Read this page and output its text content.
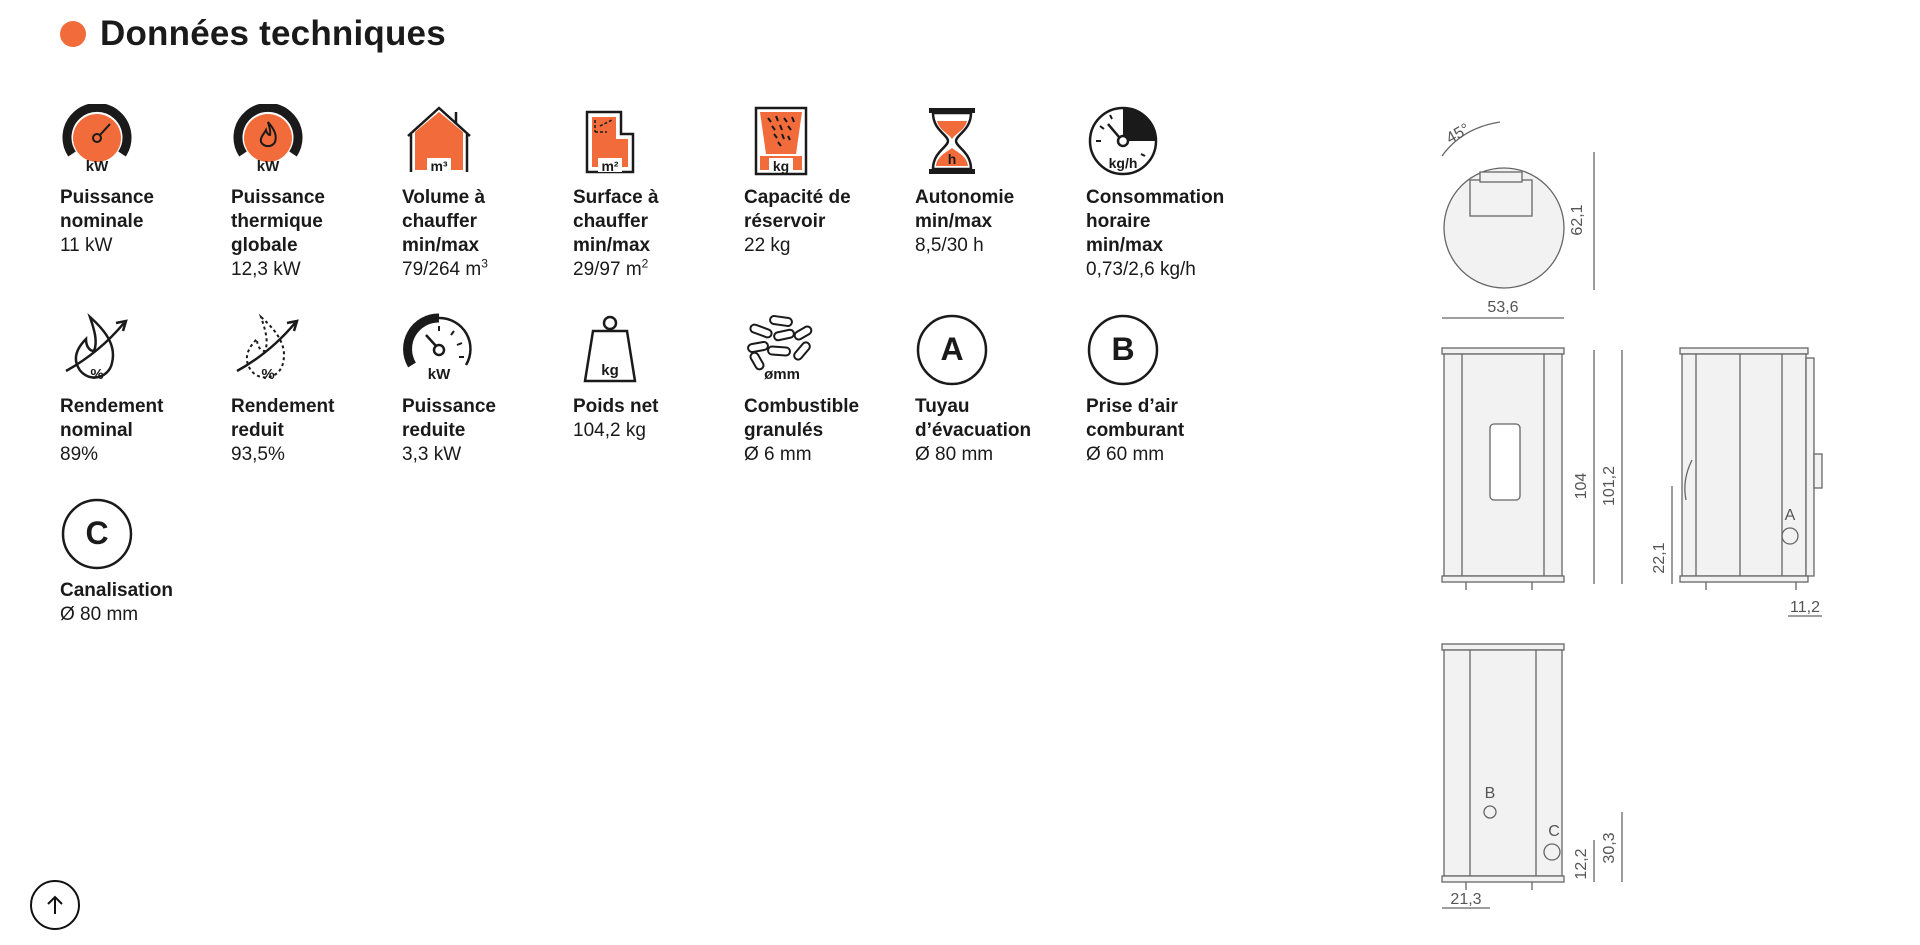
Données techniques
kW
Puissance
nominale
11 kW
kW
Puissance
thermique
globale
12,3 kW
m³
Volume à
chauffer
min/max
79/264 $m^3$
m²
Surface à
chauffer
min/max
29/97 $m^2$
kg
Capacité de
réservoir
22 kg
h
Autonomie
min/max
8,5/30 h
kg/h
Consommation
horaire
min/max
0,73/2,6 kg/h
%
Rendement
nominal
89%
%
Rendement
reduit
93,5%
kW
Puissance
reduite
3,3 kW
kg
Poids net
104,2 kg
ømm
Combustible
granulés
Ø 6 mm
A
Tuyau
d’évacuation
Ø 80 mm
B
Prise d’air
comburant
Ø 60 mm
C
Canalisation
Ø 80 mm
45°
62,1
53,6
104 101,2
22,1
11,2
A
B
C
12,2
30,3
21,3
